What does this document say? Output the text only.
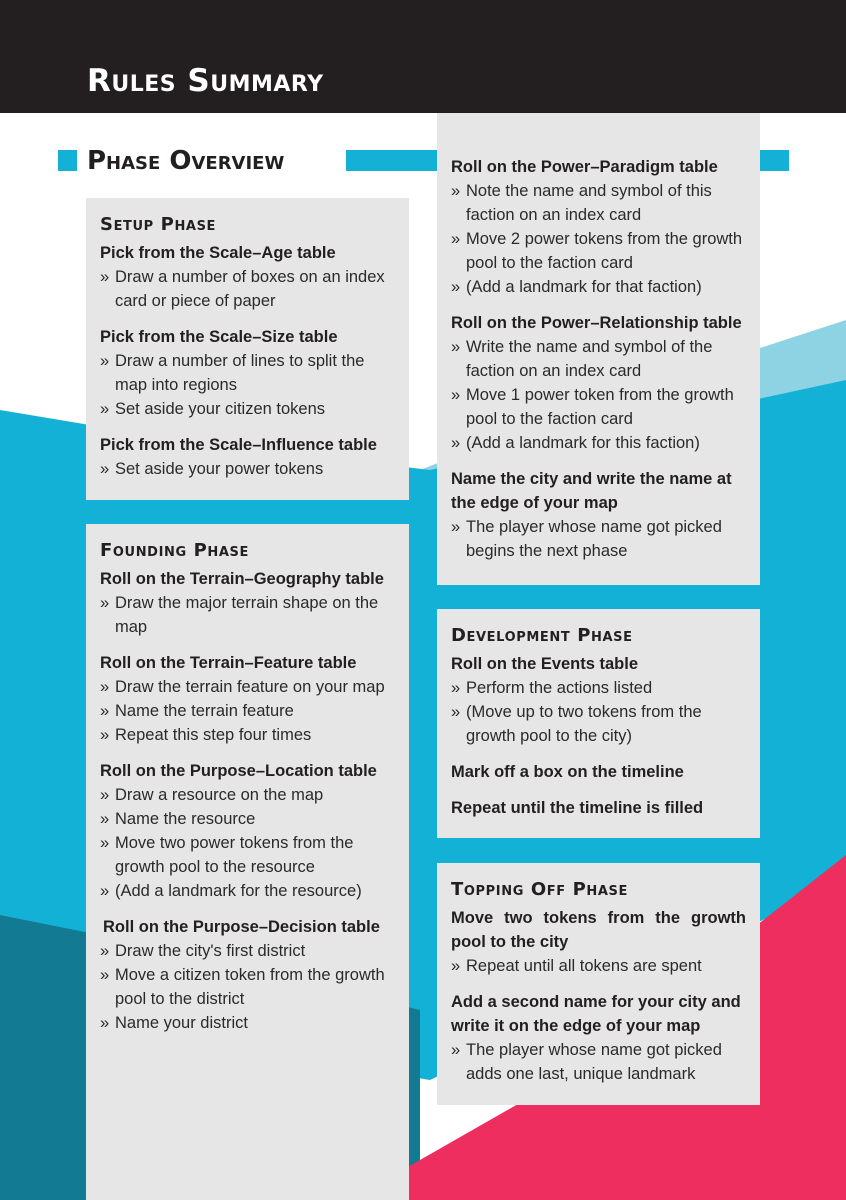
Rules Summary
Phase Overview
Setup Phase
Pick from the Scale–Age table
» Draw a number of boxes on an index card or piece of paper
Pick from the Scale–Size table
» Draw a number of lines to split the map into regions
» Set aside your citizen tokens
Pick from the Scale–Influence table
» Set aside your power tokens
Founding Phase
Roll on the Terrain–Geography table
» Draw the major terrain shape on the map
Roll on the Terrain–Feature table
» Draw the terrain feature on your map
» Name the terrain feature
» Repeat this step four times
Roll on the Purpose–Location table
» Draw a resource on the map
» Name the resource
» Move two power tokens from the growth pool to the resource
» (Add a landmark for the resource)
Roll on the Purpose–Decision table
» Draw the city's first district
» Move a citizen token from the growth pool to the district
» Name your district
Roll on the Power–Paradigm table
» Note the name and symbol of this faction on an index card
» Move 2 power tokens from the growth pool to the faction card
» (Add a landmark for that faction)
Roll on the Power–Relationship table
» Write the name and symbol of the faction on an index card
» Move 1 power token from the growth pool to the faction card
» (Add a landmark for this faction)
Name the city and write the name at the edge of your map
» The player whose name got picked begins the next phase
Development Phase
Roll on the Events table
» Perform the actions listed
» (Move up to two tokens from the growth pool to the city)
Mark off a box on the timeline
Repeat until the timeline is filled
Topping Off Phase
Move two tokens from the growth pool to the city
» Repeat until all tokens are spent
Add a second name for your city and write it on the edge of your map
» The player whose name got picked adds one last, unique landmark
